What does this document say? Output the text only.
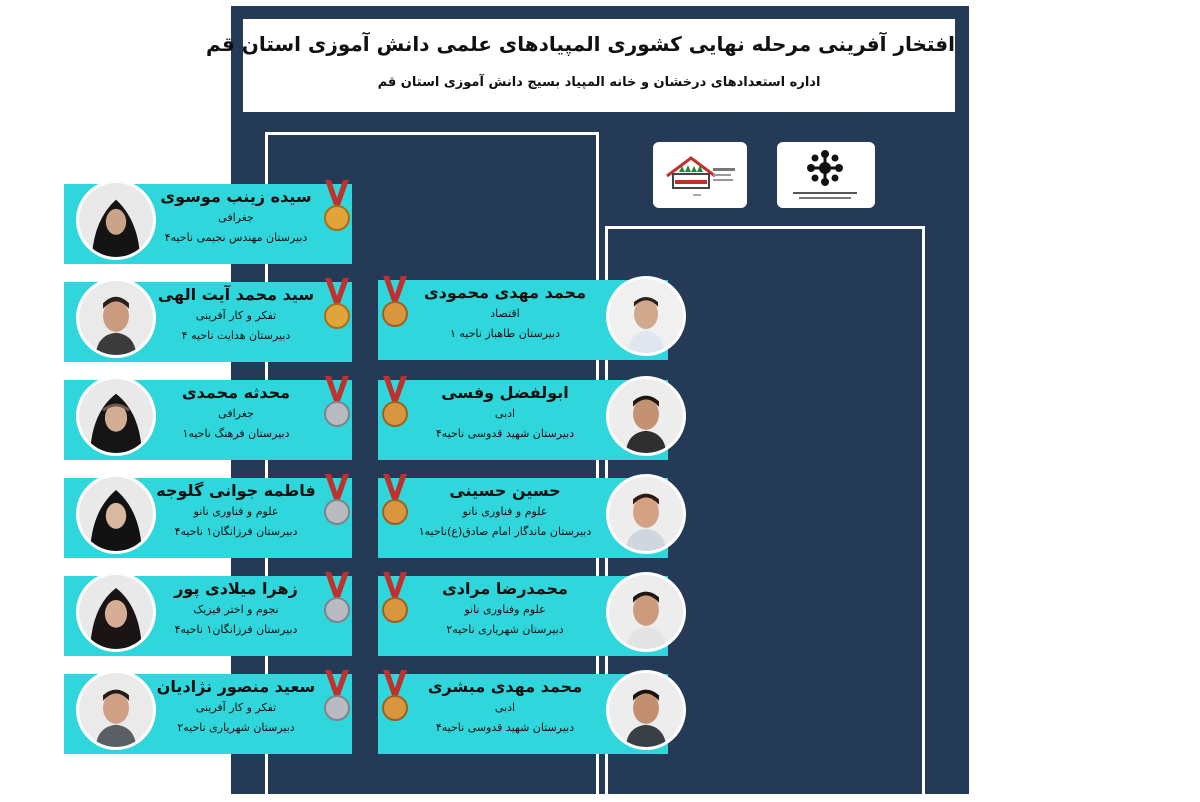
افتخار آفرینی مرحله نهایی کشوری المپیادهای علمی دانش آموزی استان قم
اداره استعدادهای درخشان و خانه المپیاد بسیج دانش آموزی استان قم
سیده زینب موسوی
جغرافی
دبیرستان مهندس نجیمی ناحیه۴
سید محمد آیت الهی
تفکر و کار آفرینی
دبیرستان هدایت ناحیه ۴
محدثه محمدی
جغرافی
دبیرستان فرهنگ ناحیه۱
فاطمه جوانی گلوجه
علوم و فناوری نانو
دبیرستان فرزانگان۱ ناحیه۴
زهرا میلادی پور
نجوم و اختر فیزیک
دبیرستان فرزانگان۱ ناحیه۴
سعید منصور نژادیان
تفکر و کار آفرینی
دبیرستان شهریاری ناحیه۲
محمد مهدی محمودی
اقتصاد
دبیرستان طاهباز ناحیه ۱
ابولفضل وفسی
ادبی
دبیرستان شهید قدوسی ناحیه۴
حسین حسینی
علوم و فناوری نانو
دبیرستان ماندگار امام صادق(ع)ناحیه۱
محمدرضا مرادی
علوم وفناوری نانو
دبیرستان شهریاری ناحیه۲
محمد مهدی مبشری
ادبی
دبیرستان شهید قدوسی ناحیه۴
